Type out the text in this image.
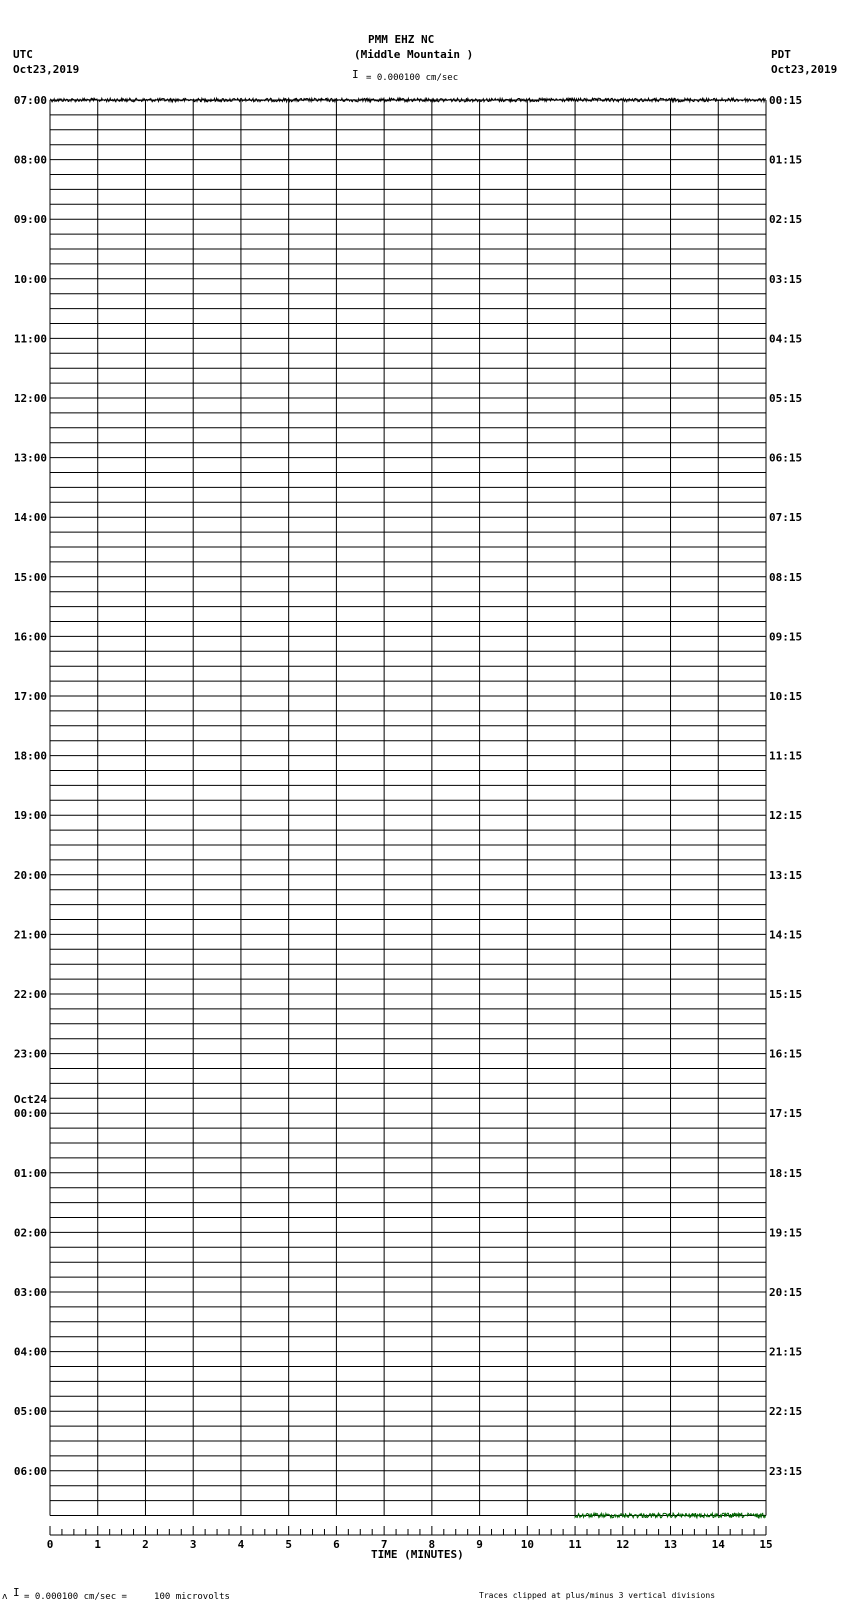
07:00	00:15
08:00	01:15
09:00	02:15
10:00	03:15
11:00	04:15
12:00	05:15
13:00	06:15
14:00	07:15
15:00	08:15
16:00	09:15
17:00	10:15
18:00	11:15
19:00	12:15
20:00	13:15
21:00	14:15
22:00	15:15
23:00	16:15
00:00	17:15
Oct24
01:00	18:15
02:00	19:15
03:00	20:15
04:00	21:15
05:00	22:15
06:00	23:15
0	1	2	3	4	5	6	7	8	9	10	11	12	13	14	15
PMM EHZ NC
(Middle Mountain )
I = 0.000100 cm/sec
UTC
Oct23,2019
PDT
Oct23,2019
ʌ I = 0.000100 cm/sec =     100 microvolts	Traces clipped at plus/minus 3 vertical divisions
TIME (MINUTES)
